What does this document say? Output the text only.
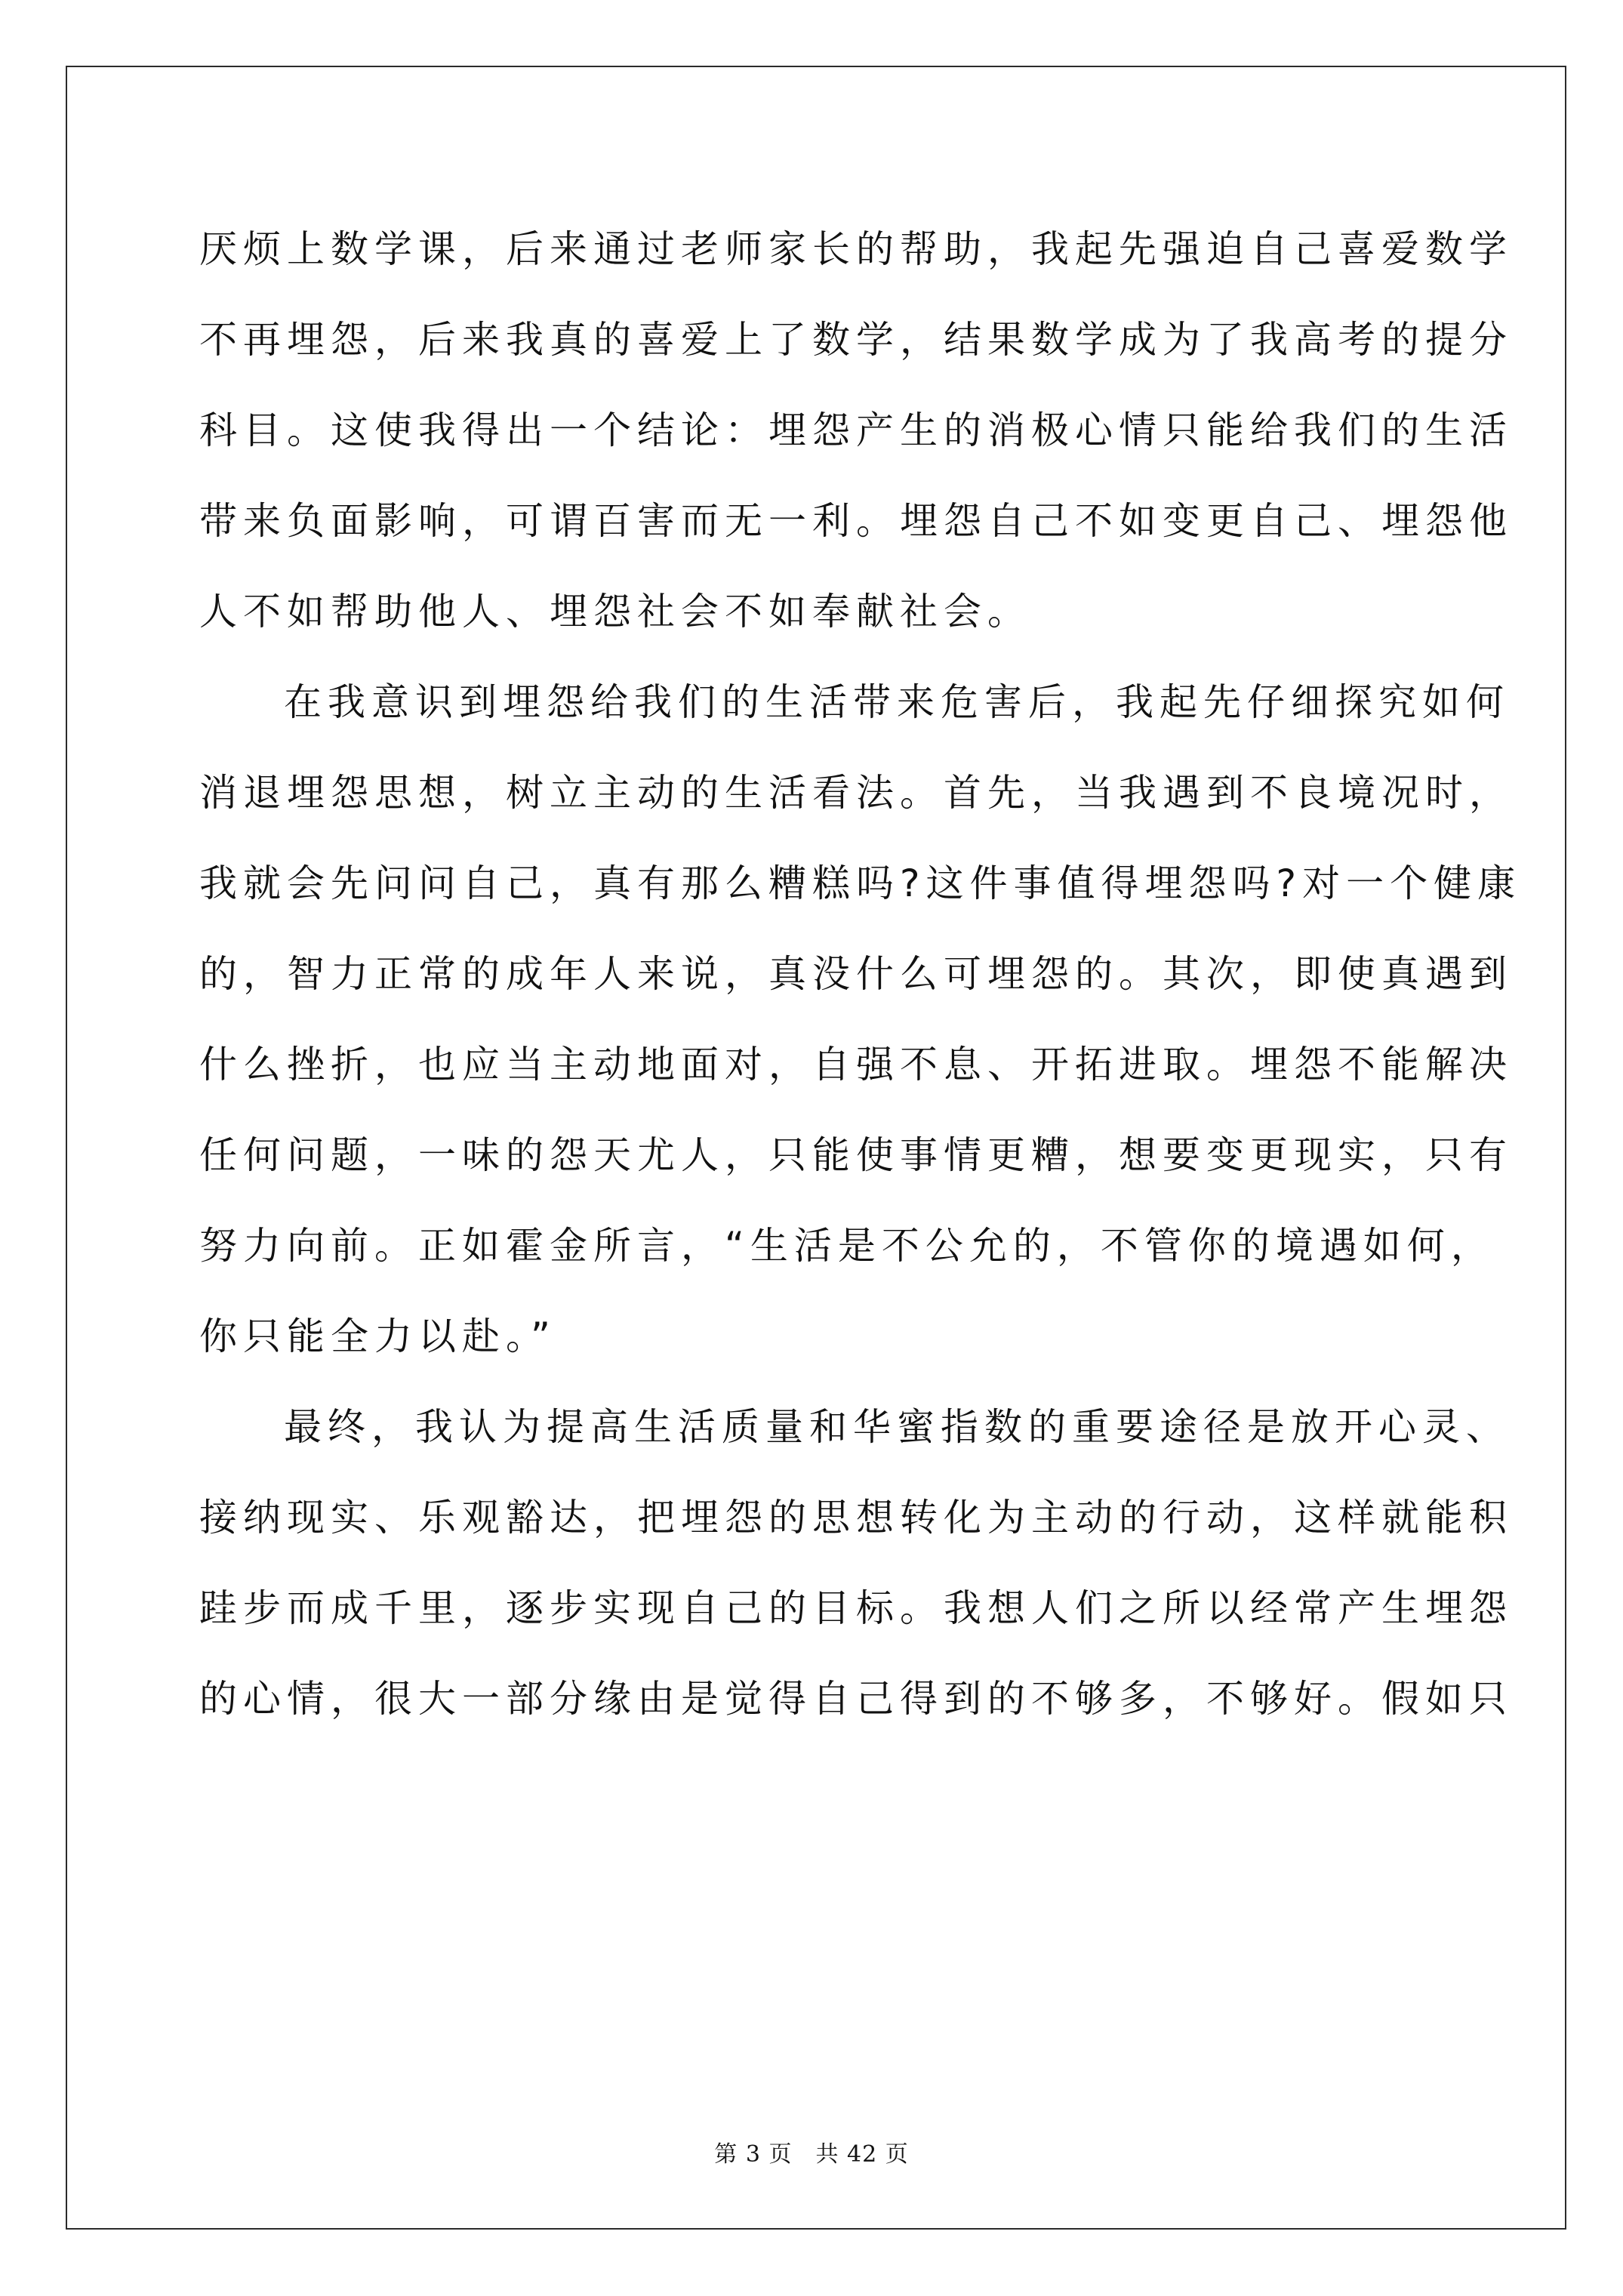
厌烦上数学课，后来通过老师家长的帮助，我起先强迫自己喜爱数学
不再埋怨，后来我真的喜爱上了数学，结果数学成为了我高考的提分
科目。这使我得出一个结论：埋怨产生的消极心情只能给我们的生活
带来负面影响，可谓百害而无一利。埋怨自己不如变更自己、埋怨他
人不如帮助他人、埋怨社会不如奉献社会。
在我意识到埋怨给我们的生活带来危害后，我起先仔细探究如何
消退埋怨思想，树立主动的生活看法。首先，当我遇到不良境况时，
我就会先问问自己，真有那么糟糕吗?这件事值得埋怨吗?对一个健康
的，智力正常的成年人来说，真没什么可埋怨的。其次，即使真遇到
什么挫折，也应当主动地面对，自强不息、开拓进取。埋怨不能解决
任何问题，一味的怨天尤人，只能使事情更糟，想要变更现实，只有
努力向前。正如霍金所言，“生活是不公允的，不管你的境遇如何，
你只能全力以赴。”
最终，我认为提高生活质量和华蜜指数的重要途径是放开心灵、
接纳现实、乐观豁达，把埋怨的思想转化为主动的行动，这样就能积
跬步而成千里，逐步实现自己的目标。我想人们之所以经常产生埋怨
的心情，很大一部分缘由是觉得自己得到的不够多，不够好。假如只
第 3 页　共 42 页
